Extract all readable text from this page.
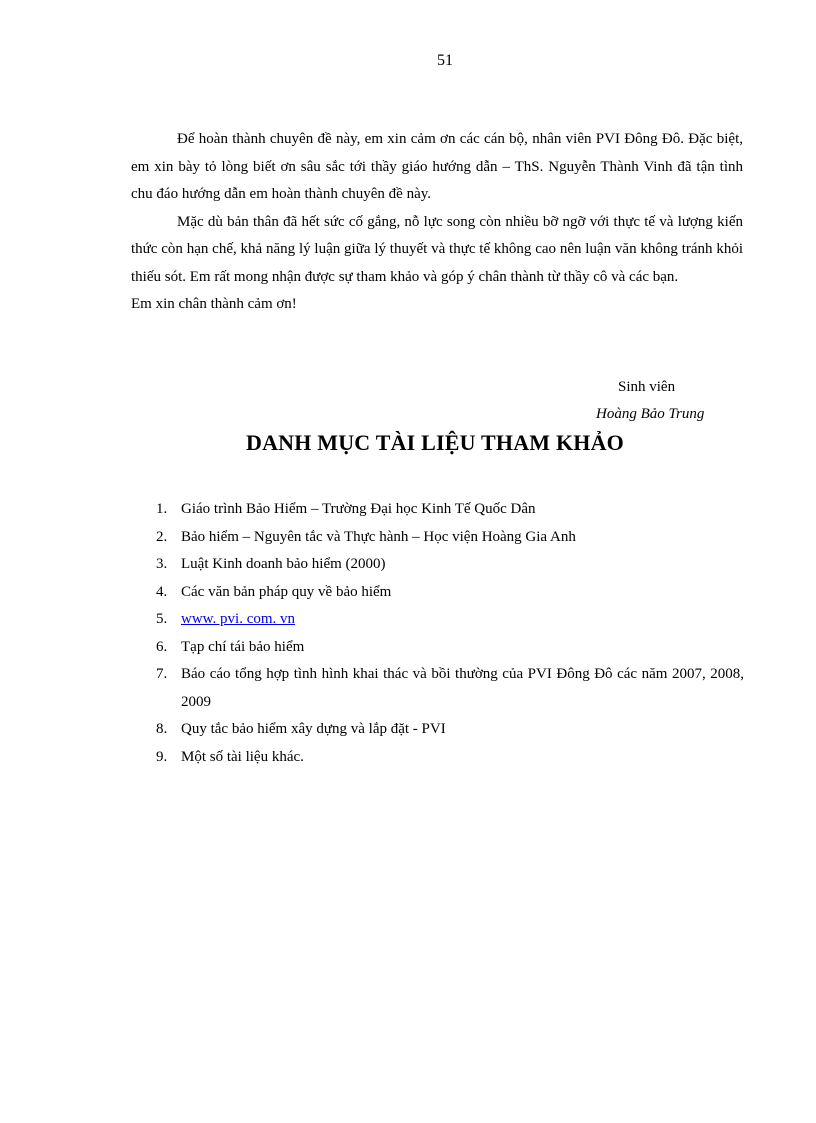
51

Để hoàn thành chuyên đề này, em xin cảm ơn các cán bộ, nhân viên PVI Đông Đô. Đặc biệt, em xin bày tỏ lòng biết ơn sâu sắc tới thầy giáo hướng dẫn – ThS. Nguyễn Thành Vinh đã tận tình chu đáo hướng dẫn em hoàn thành chuyên đề này.

Mặc dù bản thân đã hết sức cố gắng, nỗ lực song còn nhiều bỡ ngỡ với thực tế và lượng kiến thức còn hạn chế, khả năng lý luận giữa lý thuyết và thực tế không cao nên luận văn không tránh khỏi thiếu sót. Em rất mong nhận được sự tham khảo và góp ý chân thành từ thầy cô và các bạn.

Em xin chân thành cảm ơn!

Sinh viên
Hoàng Bảo Trung
DANH MỤC TÀI LIỆU THAM KHẢO
1. Giáo trình Bảo Hiểm – Trường Đại học Kinh Tế Quốc Dân
2. Bảo hiểm – Nguyên tắc và Thực hành – Học viện Hoàng Gia Anh
3. Luật Kinh doanh bảo hiểm (2000)
4. Các văn bản pháp quy về bảo hiểm
5. www. pvi. com. vn
6. Tạp chí tái bảo hiểm
7. Báo cáo tổng hợp tình hình khai thác và bồi thường của PVI Đông Đô các năm 2007, 2008, 2009
8. Quy tắc bảo hiểm xây dựng và lắp đặt - PVI
9. Một số tài liệu khác.
